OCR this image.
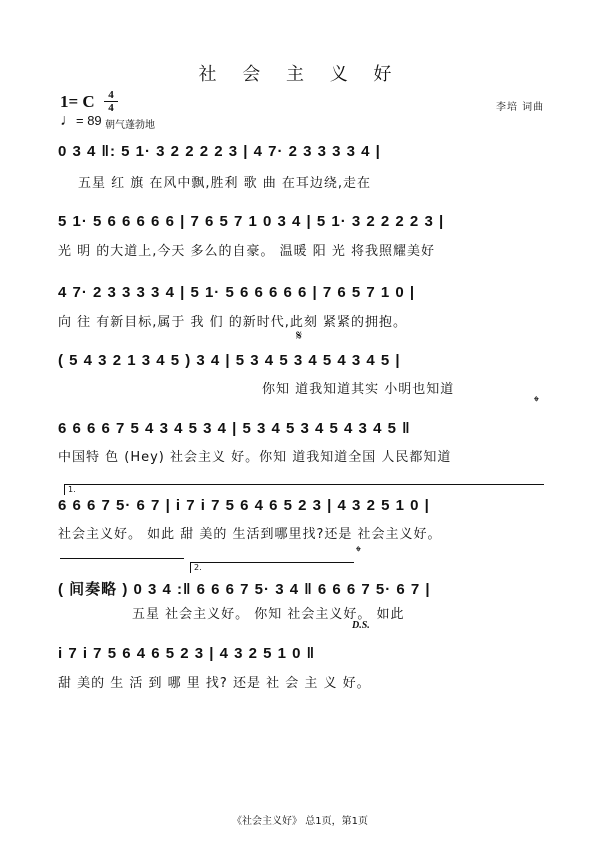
社 会 主 义 好
1= C	4
4
♩= 89 朝气蓬勃地
李培 词曲
0 3 4 ‖: 5 1· 3 2 2 2 2 3 | 4 7· 2 3 3 3 3 4 |
五星 红 旗 在风中飘,胜利 歌 曲 在耳边绕,走在
5 1· 5 6 6 6 6 6 | 7 6 5 7 1 0 3 4 | 5 1· 3 2 2 2 2 3 |
光 明 的大道上,今天 多么的自豪。 温暖 阳 光 将我照耀美好
4 7· 2 3 3 3 3 4 | 5 1· 5 6 6 6 6 6 | 7 6 5 7 1 0 |
向 往 有新目标,属于 我 们 的新时代,此刻 紧紧的拥抱。
𝄋
( 5 4 3 2 1 3 4 5 ) 3 4 | 5 3 4 5 3 4 5 4 3 4 5 |
你知 道我知道其实 小明也知道
𝄌
6 6 6 6 7 5 4 3 4 5 3 4 | 5 3 4 5 3 4 5 4 3 4 5 ‖
中国特 色 (Hey) 社会主义 好。你知 道我知道全国 人民都知道
1.
6 6 6 7 5· 6 7 | i 7 i 7 5 6 4 6 5 2 3 | 4 3 2 5 1 0 |
社会主义好。 如此 甜 美的 生活到哪里找?还是 社会主义好。
2.
𝄌
( 间奏略 ) 0 3 4 :‖ 6 6 6 7 5· 3 4 ‖ 6 6 6 7 5· 6 7 |
五星 社会主义好。 你知 社会主义好。 如此
D.S.
i 7 i 7 5 6 4 6 5 2 3 | 4 3 2 5 1 0 ‖
甜 美的 生 活 到 哪 里 找? 还是 社 会 主 义 好。
《社会主义好》 总1页，第1页
